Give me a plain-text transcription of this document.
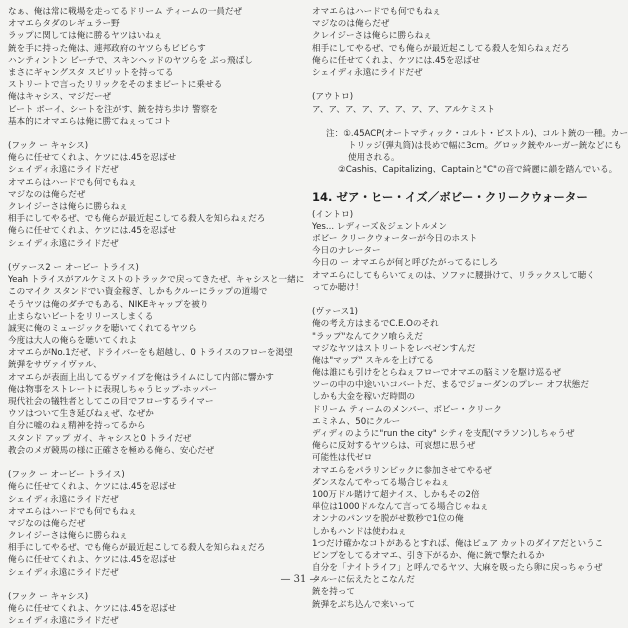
なぁ、俺は常に戦場を走ってるドリーム ティームの一員だぜ
オマエらタダのレギュラー野
ラップに関しては俺に勝るヤツはいねぇ
銃を手に持った俺は、連邦政府のヤツらもビビらす
ハンティントン ビーチで、スキンヘッドのヤツらを ぶっ飛ばし
まさにギャングスタ スピリットを持ってる
ストリートで言ったリリックをそのままビートに乗せる
俺はキャシス、マジだーぜ
ビート ボーイ、シートを注がす、銃を持ち歩け 警察を
基本的にオマエらは俺に勝てねぇってコト
(フック ー キャシス)
俺らに任せてくれよ、ケツには.45を忍ばせ
シェイディ永遠にライドだぜ
オマエらはハードでも何でもねぇ
マジなのは俺らだぜ
クレイジーさは俺らに勝らねぇ
相手にしてやるぜ、でも俺らが最近起こしてる殺人を知らねぇだろ
俺らに任せてくれよ、ケツには.45を忍ばせ
シェイディ永遠にライドだぜ
(ヴァース2 ー オービー トライス)
Yeah トライスがアルケミストのトラックで戻ってきたぜ、キャシスと一緒に
このマイク スタンドでい資金稼ぎ、しかもクルーにラップの道場で
そうヤツは俺のダチでもある、NIKEキャップを被り
止まらないビートをリリースしまくる
誠実に俺のミュージックを聴いてくれてるヤツら
今度は大人の俺らを聴いてくれよ
オマエらがNo.1だぜ、ドライバーをも超越し、0 トライスのフローを渇望
銃弾をサヴァイヴァル、
オマエらが表面上出してるヴァイブを俺はライムにして内部に響かす
俺は物事をストレートに表現しちゃうヒップ-ホッパー
現代社会の犠牲者としてこの目でフローするライマー
ウソはついて生き延びねぇぜ、なぜか
自分に嘘のねぇ精神を持ってるから
スタンド アップ ガイ、キャシスと0 トライだぜ
教会のメガ競馬の様に正確さを極める俺ら、安心だぜ
(フック ー オービー トライス)
俺らに任せてくれよ、ケツには.45を忍ばせ
シェイディ永遠にライドだぜ
オマエらはハードでも何でもねぇ
マジなのは俺らだぜ
クレイジーさは俺らに勝らねぇ
相手にしてやるぜ、でも俺らが最近起こしてる殺人を知らねぇだろ
俺らに任せてくれよ、ケツには.45を忍ばせ
シェイディ永遠にライドだぜ
(フック ー キャシス)
俺らに任せてくれよ、ケツには.45を忍ばせ
シェイディ永遠にライドだぜ
オマエらはハードでも何でもねぇ
マジなのは俺らだぜ
クレイジーさは俺らに勝らねぇ
相手にしてやるぜ、でも俺らが最近起こしてる殺人を知らねぇだろ
俺らに任せてくれよ、ケツには.45を忍ばせ
シェイディ永遠にライドだぜ
(アウトロ)
ア、ア、ア、ア、ア、ア、ア、ア、アルケミスト
注：①.45ACP(オートマティック・コルト・ピストル)、コルト銃の一種。カー
トリッジ(弾丸筒)は長めで幅に3cm。グロック銃やルーガー銃などにも
使用される。
②Cashis、Capitalizing、Captainと"C"の音で綺麗に韻を踏んでいる。
14. ゼア・ヒー・イズ／ボビー・クリークウォーター
(イントロ)
Yes... レディーズ＆ジェントルメン
ボビー クリークウォーターが今日のホスト
今日のナレーター
今日の ー オマエらが何と呼びたがってるにしろ
オマエらにしてもらいてぇのは、ソファに腰掛けて、リラックスして聴く
ってか聴け！
(ヴァース1)
俺の考え方はまるでC.E.Oのそれ
"ラップ"なんてクソ喰らえだ
マジなヤツはストリートをレペゼンすんだ
俺は"マップ" スキルを上げてる
俺は誰にも引けをとらねぇフローでオマエの脳ミソを駆け巡るぜ
ツーの中の中途いいコバートだ、まるでジョーダンのプレー オフ状態だ
しかも大金を稼いだ時間の
ドリーム ティームのメンバー、ボビー・クリーク
エミネム、50にクルー
ディディのように"run the city" シティを支配(マラソン)しちゃうぜ
俺らに反対するヤツらは、可哀想に思うぜ
可能性は代ゼロ
オマエらをパラリンピックに参加させてやるぜ
ダンスなんてやってる場合じゃねぇ
100万ドル賭けて超ナイス、しかもその2倍
単位は1000ドルなんて言ってる場合じゃねぇ
オンナのパンツを脱がせ数秒で1位の俺
しかもハンドは使わねぇ
1つだけ確かなコトがあるとすれば、俺はピュア カットのダイアだというこ
ピンプをしてるオマエ、引き下がるか、俺に銃で撃たれるか
自分を「ナイトライフ」と呼んでるヤツ、大麻を吸ったら卵に戻っちゃうぜ
クルーに伝えたとこなんだ
銃を持って
銃弾をぶち込んで来いって
— 31 —
